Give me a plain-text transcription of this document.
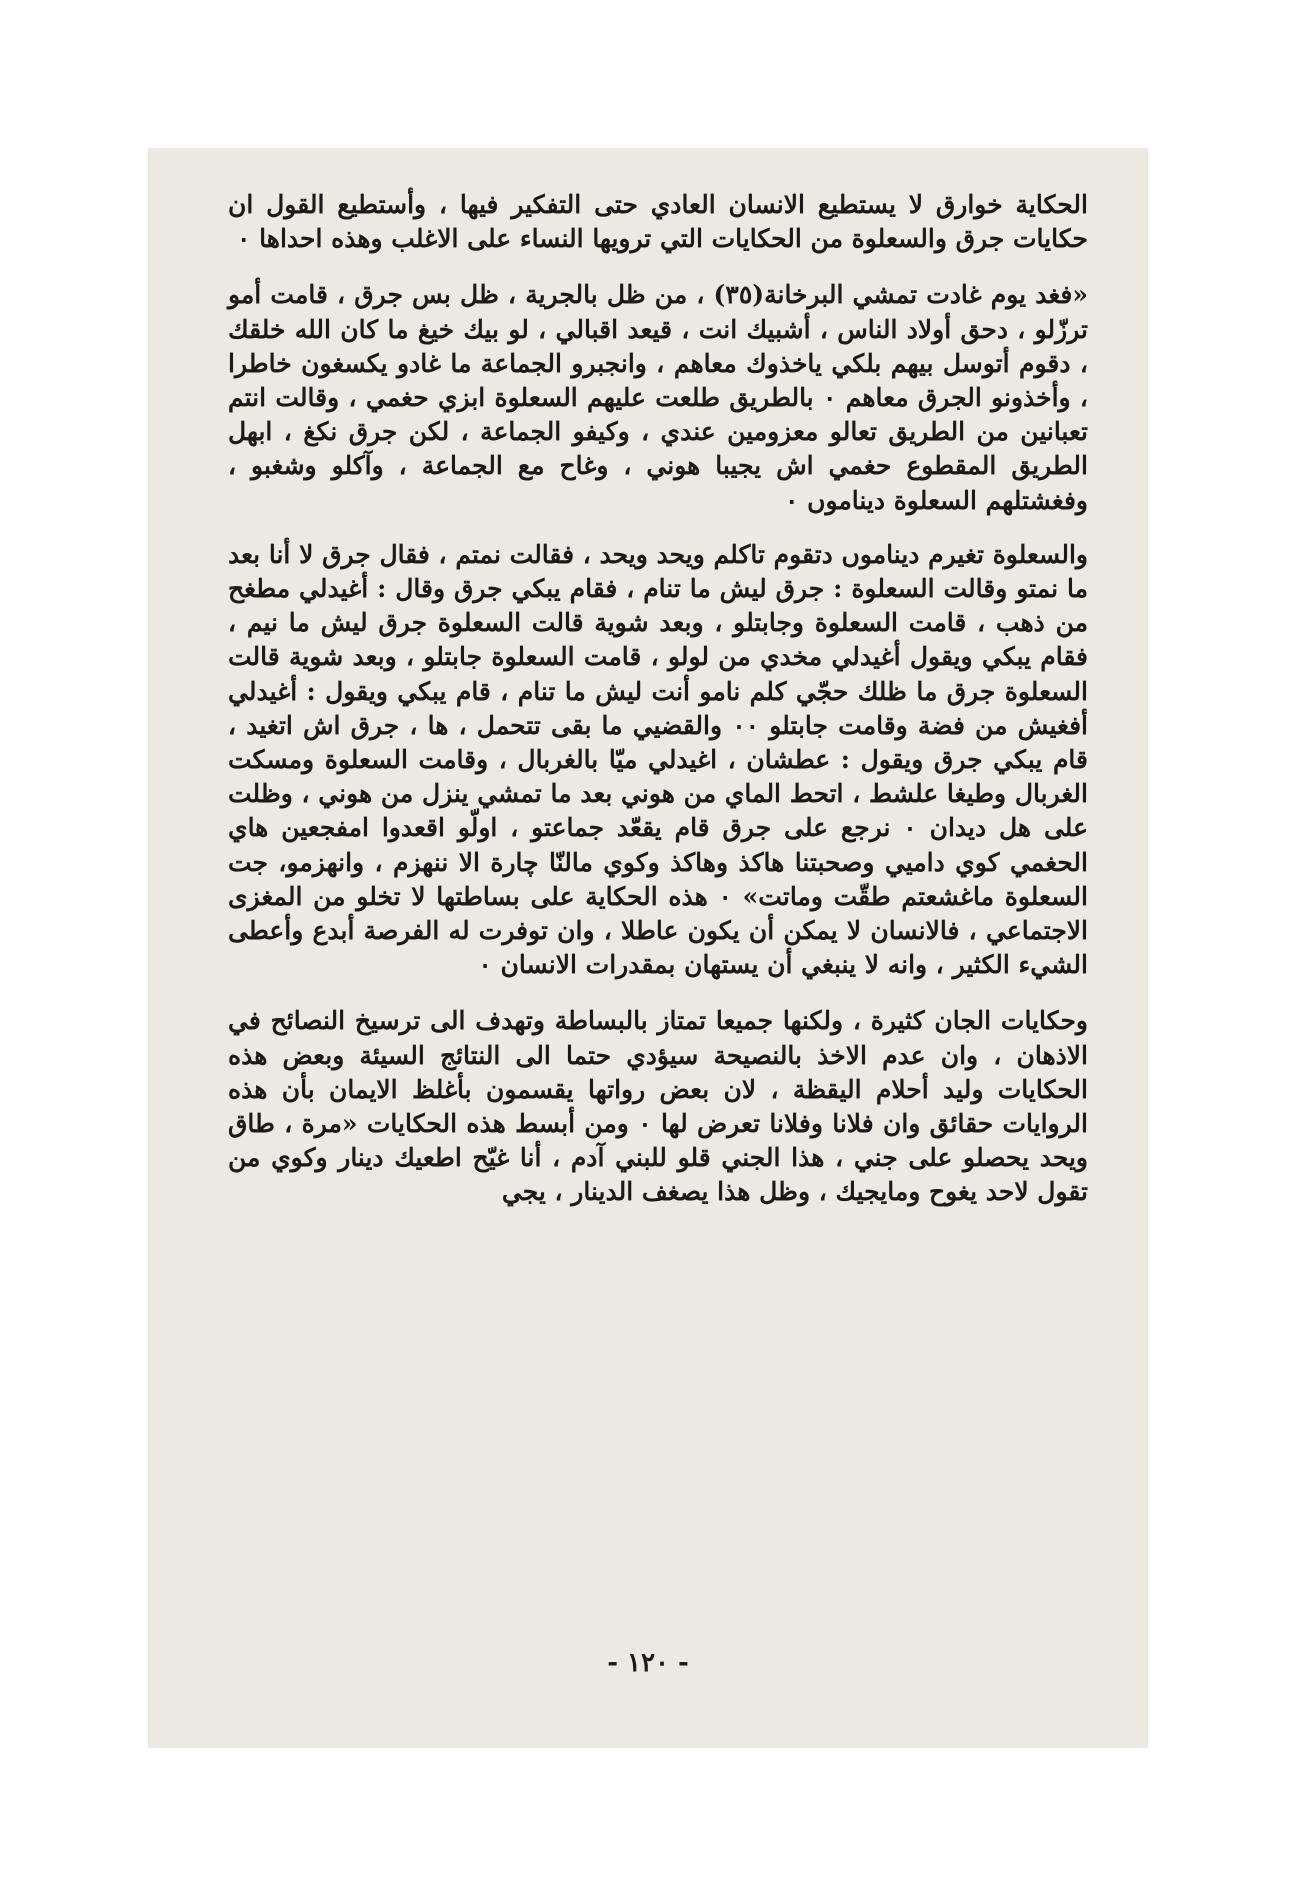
الحكاية خوارق لا يستطيع الانسان العادي حتى التفكير فيها ، وأستطيع القول ان حكايات جرق والسعلوة من الحكايات التي ترويها النساء على الاغلب وهذه احداها ٠

«فغد يوم غادت تمشي البرخانة(٣٥) ، من ظل بالجرية ، ظل بس جرق ، قامت أمو ترزّلو ، دحق أولاد الناس ، أشبيك انت ، قيعد اقبالي ، لو بيك خيغ ما كان الله خلقك ، دقوم أتوسل بيهم بلكي ياخذوك معاهم ، وانجبرو الجماعة ما غادو يكسغون خاطرا ، وأخذونو الجرق معاهم ٠ بالطريق طلعت عليهم السعلوة ابزي حغمي ، وقالت انتم تعبانين من الطريق تعالو معزومين عندي ، وكيفو الجماعة ، لكن جرق نكغ ، ابهل الطريق المقطوع حغمي اش يجيبا هوني ، وغاح مع الجماعة ، وآكلو وشغبو ، وفغشتلهم السعلوة ديناموں ٠

والسعلوة تغيرم ديناموں دتقوم تاكلم ويحد ويحد ، فقالت نمتم ، فقال جرق لا أنا بعد ما نمتو وقالت السعلوة : جرق ليش ما تنام ، فقام يبكي جرق وقال : أغيدلي مطغح من ذهب ، قامت السعلوة وجابتلو ، وبعد شوية قالت السعلوة جرق ليش ما نيم ، فقام يبكي ويقول أغيدلي مخدي من لولو ، قامت السعلوة جابتلو ، وبعد شوية قالت السعلوة جرق ما ظلك حجّي كلم نامو أنت ليش ما تنام ، قام يبكي ويقول : أغيدلي أفغيش من فضة وقامت جابتلو ٠٠ والقضيي ما بقى تتحمل ، ها ، جرق اش اتغيد ، قام يبكي جرق ويقول : عطشان ، اغيدلي ميّا بالغربال ، وقامت السعلوة ومسكت الغربال وطيغا علشط ، اتحط الماي من هوني بعد ما تمشي ينزل من هوني ، وظلت على هل ديدان ٠ نرجع على جرق قام يقعّد جماعتو ، اولّو اقعدوا امفجعين هاي الحغمي كوي داميي وصحبتنا هاكذ وهاكذ وكوي مالنّا چارة الا ننهزم ، وانهزمو، جت السعلوة ماغشعتم طقّت وماتت» ٠ هذه الحكاية على بساطتها لا تخلو من المغزى الاجتماعي ، فالانسان لا يمكن أن يكون عاطلا ، وان توفرت له الفرصة أبدع وأعطى الشيء الكثير ، وانه لا ينبغي أن يستهان بمقدرات الانسان ٠

وحكايات الجان كثيرة ، ولكنها جميعا تمتاز بالبساطة وتهدف الى ترسيخ النصائح في الاذهان ، وان عدم الاخذ بالنصيحة سيؤدي حتما الى النتائج السيئة وبعض هذه الحكايات وليد أحلام اليقظة ، لان بعض رواتها يقسمون بأغلظ الايمان بأن هذه الروايات حقائق وان فلانا وفلانا تعرض لها ٠ ومن أبسط هذه الحكايات «مرة ، طاق ويحد يحصلو على جني ، هذا الجني قلو للبني آدم ، أنا غيّح اطعيك دينار وكوي من تقول لاحد يغوح ومايجيك ، وظل هذا يصغف الدينار ، يجي

- ١٢٠ -
